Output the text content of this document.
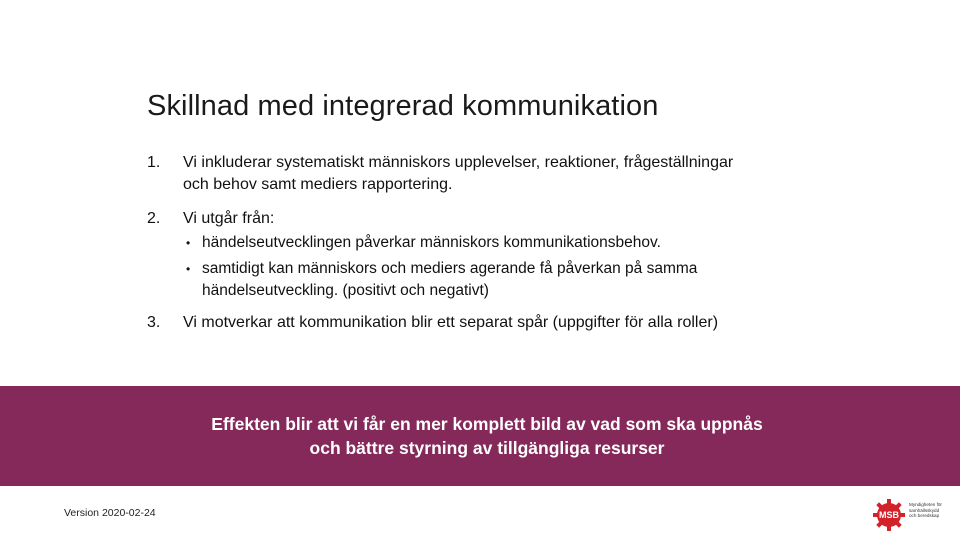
Skillnad med integrerad kommunikation
1. Vi inkluderar systematiskt människors upplevelser, reaktioner, frågeställningar
och behov samt mediers rapportering.
2. Vi utgår från:
• händelseutvecklingen påverkar människors kommunikationsbehov.
• samtidigt kan människors och mediers agerande få påverkan på samma
händelseutveckling. (positivt och negativt)
3. Vi motverkar att kommunikation blir ett separat spår (uppgifter för alla roller)
Effekten blir att vi får en mer komplett bild av vad som ska uppnås
och bättre styrning av tillgängliga resurser
Version 2020-02-24	MSB
Myndigheten för
samhällsskydd
och beredskap
